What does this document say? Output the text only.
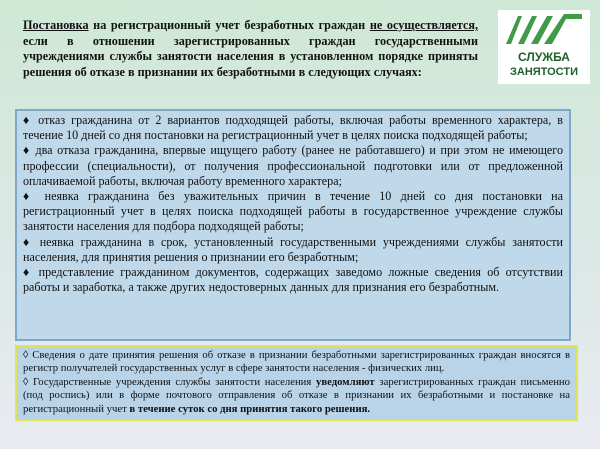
Постановка на регистрационный учет безработных граждан не осуществляется, если в отношении зарегистрированных граждан государственными учреждениями службы занятости населения в установленном порядке приняты решения об отказе в признании их безработными в следующих случаях:
СЛУЖБА
ЗАНЯТОСТИ

♦ отказ гражданина от 2 вариантов подходящей работы, включая работы временного характера, в течение 10 дней со дня постановки на регистрационный учет в целях поиска подходящей работы;

♦ два отказа гражданина, впервые ищущего работу (ранее не работавшего) и при этом не имеющего профессии (специальности), от получения профессиональной подготовки или от предложенной оплачиваемой работы, включая работу временного характера;

♦ неявка гражданина без уважительных причин в течение 10 дней со дня постановки на регистрационный учет в целях поиска подходящей работы в государственное учреждение службы занятости населения для подбора подходящей работы;

♦ неявка гражданина в срок, установленный государственными учреждениями службы занятости населения, для принятия решения о признании его безработным;

♦ представление гражданином документов, содержащих заведомо ложные сведения об отсутствии работы и заработка, а также других недостоверных данных для признания его безработным.

◊ Сведения о дате принятия решения об отказе в признании безработными зарегистрированных граждан вносятся в регистр получателей государственных услуг в сфере занятости населения - физических лиц.

◊ Государственные учреждения службы занятости населения уведомляют зарегистрированных граждан письменно (под роспись) или в форме почтового отправления об отказе в признании их безработными и постановке на регистрационный учет в течение суток со дня принятия такого решения.
